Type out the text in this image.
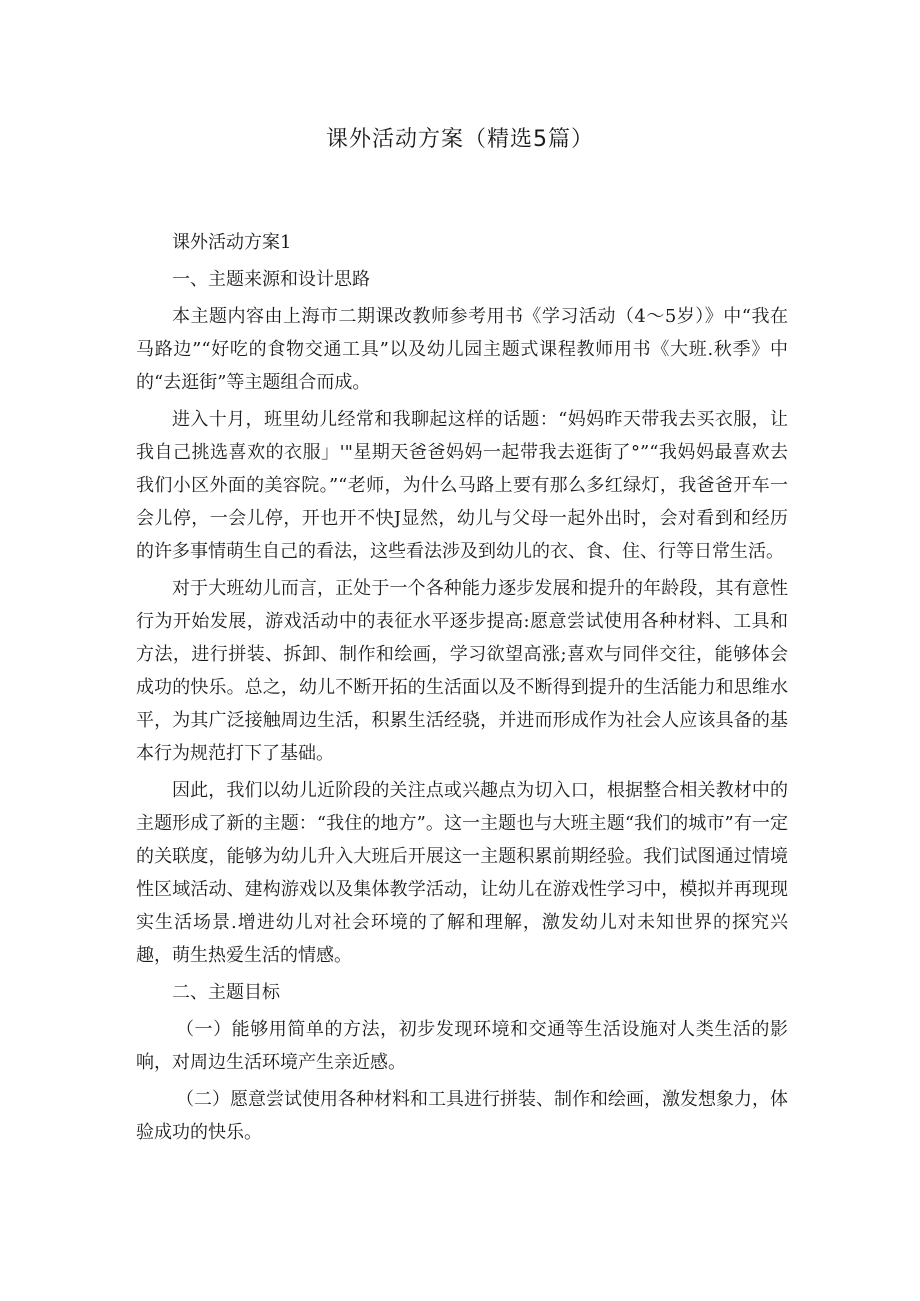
课外活动方案（精选5篇）

课外活动方案1

一、主题来源和设计思路

本主题内容由上海市二期课改教师参考用书《学习活动（4～5岁）》中“我在马路边”“好吃的食物交通工具”以及幼儿园主题式课程教师用书《大班.秋季》中的“去逛街”等主题组合而成。

进入十月，班里幼儿经常和我聊起这样的话题：“妈妈昨天带我去买衣服，让我自己挑选喜欢的衣服」'"星期天爸爸妈妈一起带我去逛街了°”“我妈妈最喜欢去我们小区外面的美容院。”“老师，为什么马路上要有那么多红绿灯，我爸爸开车一会儿停，一会儿停，开也开不快J显然，幼儿与父母一起外出时，会对看到和经历的许多事情萌生自己的看法，这些看法涉及到幼儿的衣、食、住、行等日常生活。

对于大班幼儿而言，正处于一个各种能力逐步发展和提升的年龄段，其有意性行为开始发展，游戏活动中的表征水平逐步提高:愿意尝试使用各种材料、工具和方法，进行拼装、拆卸、制作和绘画，学习欲望高涨;喜欢与同伴交往，能够体会成功的快乐。总之，幼儿不断开拓的生活面以及不断得到提升的生活能力和思维水平，为其广泛接触周边生活，积累生活经骁，并进而形成作为社会人应该具备的基本行为规范打下了基础。

因此，我们以幼儿近阶段的关注点或兴趣点为切入口，根据整合相关教材中的主题形成了新的主题：“我住的地方”。这一主题也与大班主题“我们的城市”有一定的关联度，能够为幼儿升入大班后开展这一主题积累前期经验。我们试图通过情境性区域活动、建构游戏以及集体教学活动，让幼儿在游戏性学习中，模拟并再现现实生活场景.增进幼儿对社会环境的了解和理解，激发幼儿对未知世界的探究兴趣，萌生热爱生活的情感。

二、主题目标

（一）能够用简单的方法，初步发现环境和交通等生活设施对人类生活的影响，对周边生活环境产生亲近感。

（二）愿意尝试使用各种材料和工具进行拼装、制作和绘画，激发想象力，体验成功的快乐。
